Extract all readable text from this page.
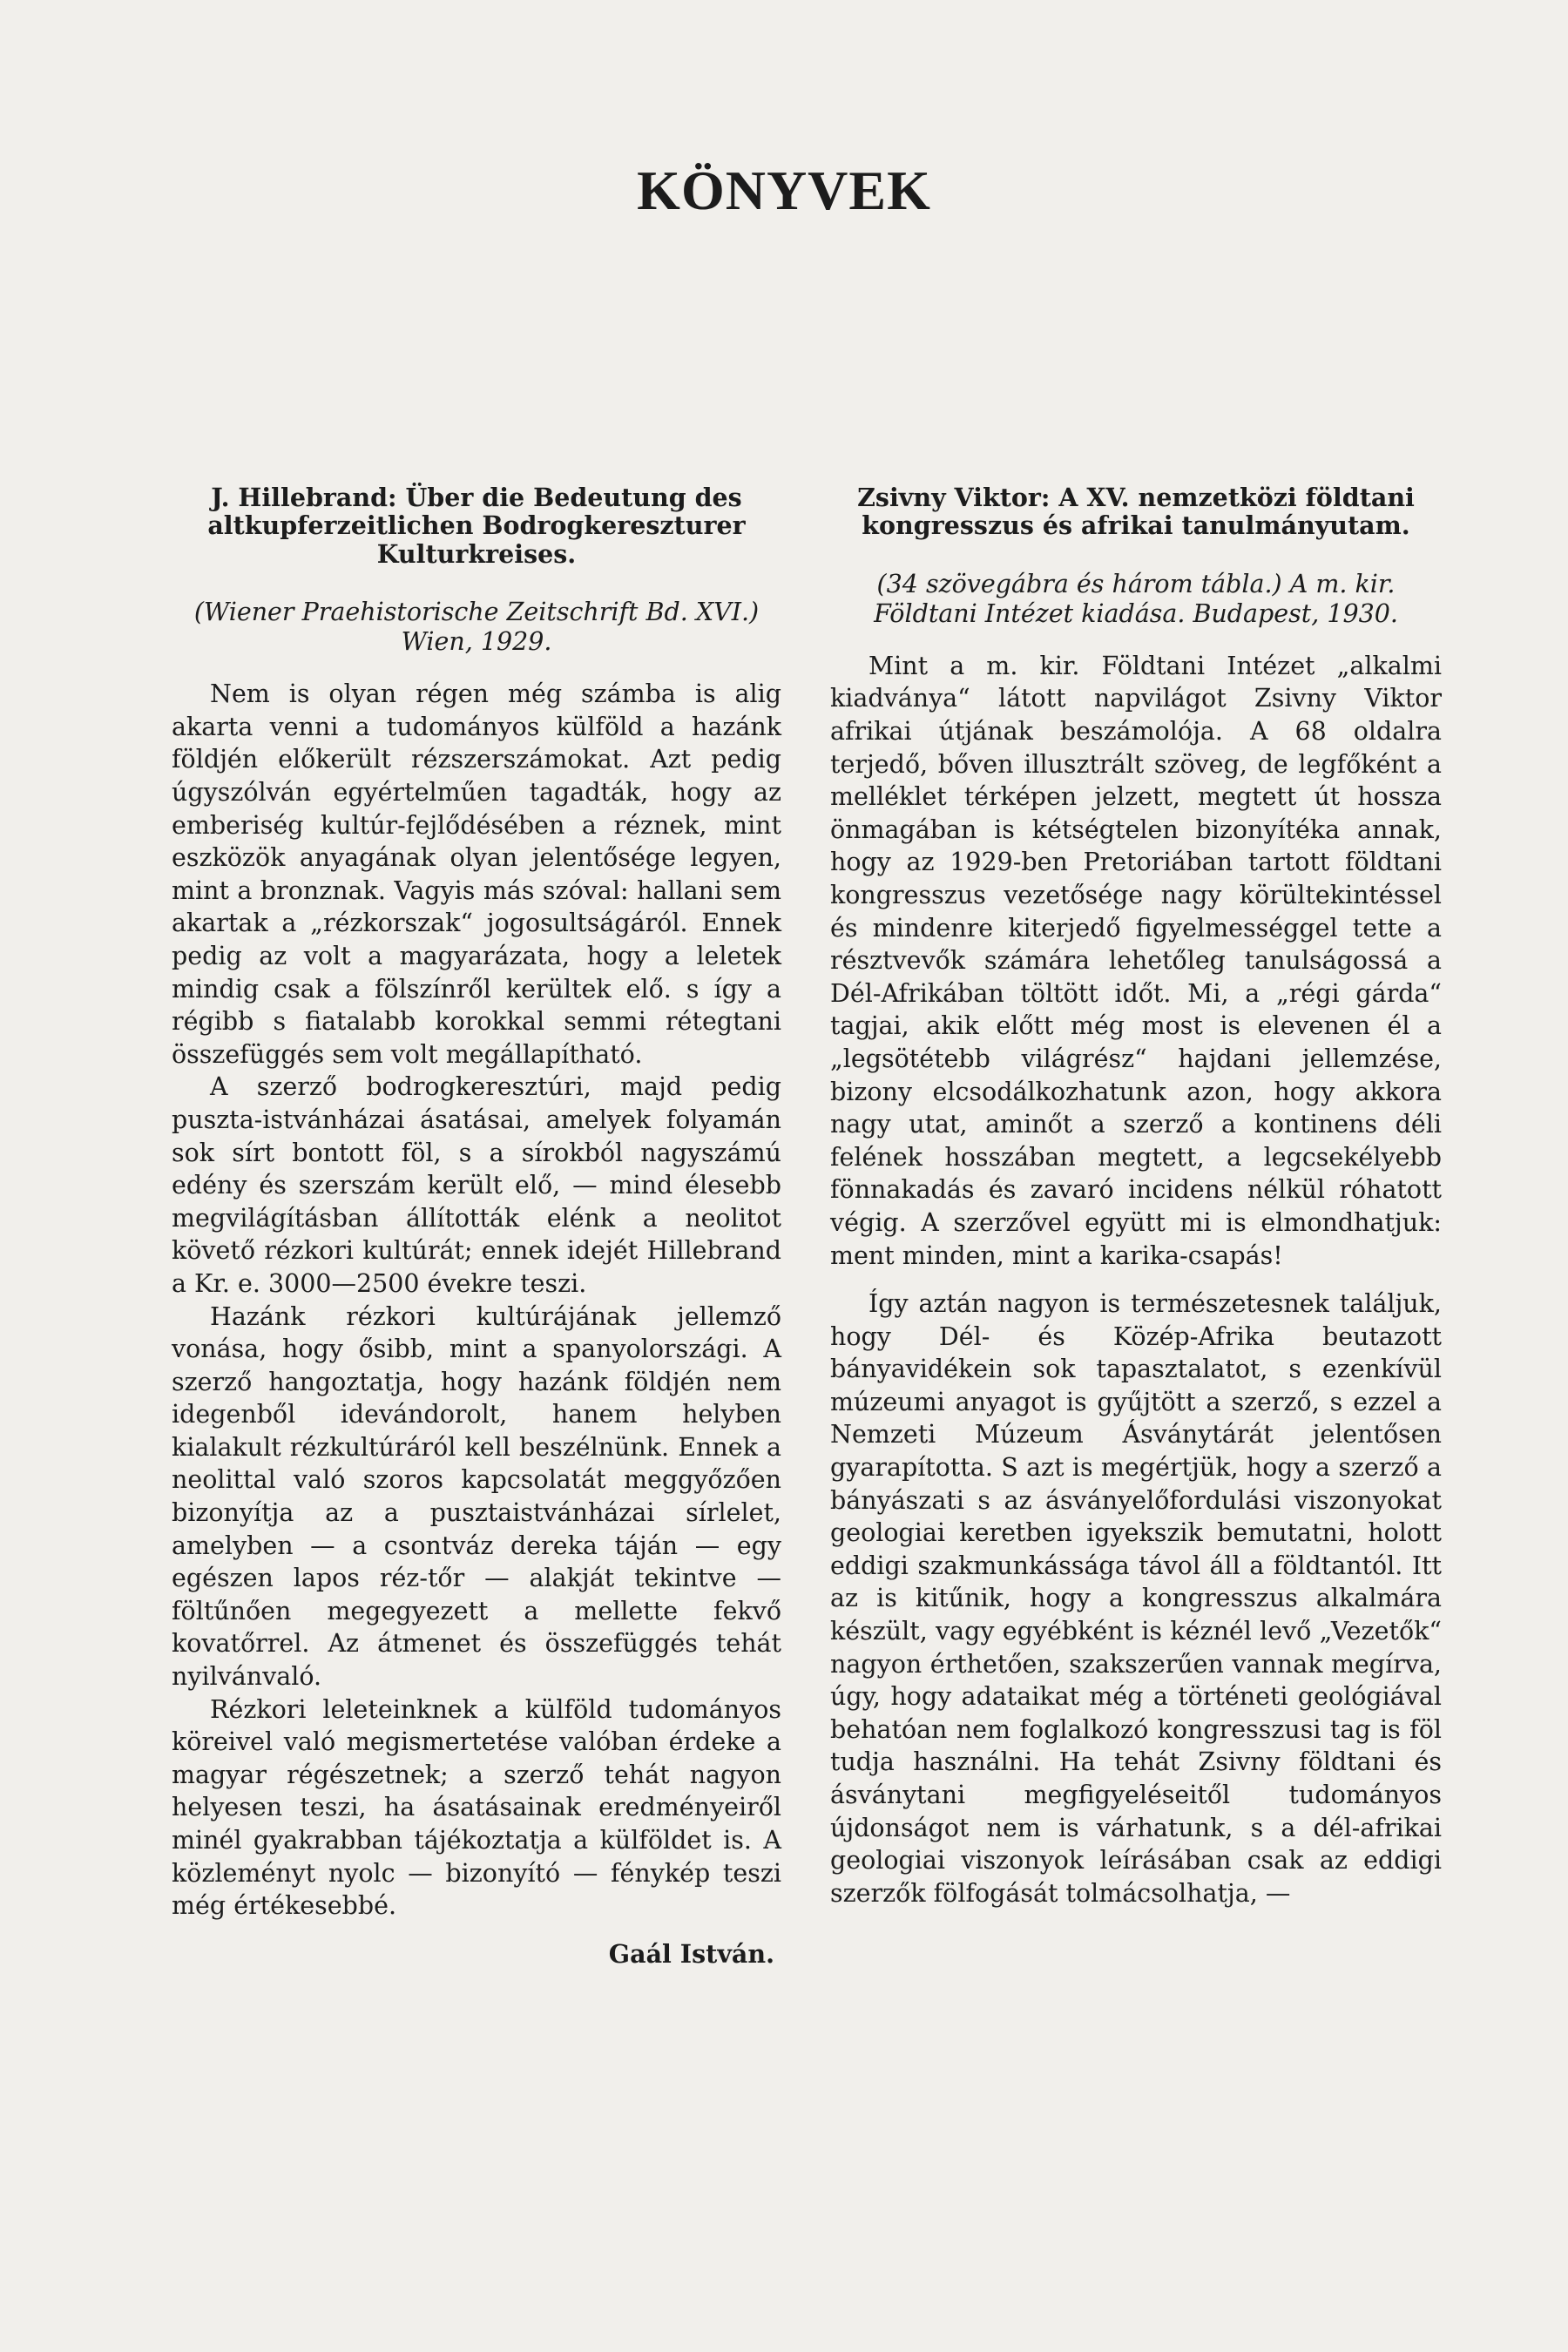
KÖNYVEK
J. Hillebrand: Über die Bedeutung des altkupferzeitlichen Bodrogkereszturer Kulturkreises.
(Wiener Praehistorische Zeitschrift Bd. XVI.) Wien, 1929.

Nem is olyan régen még számba is alig akarta venni a tudományos külföld a hazánk földjén előkerült rézszerszámokat. Azt pedig úgyszólván egyértelműen tagadták, hogy az emberiség kultúr-fejlődésében a réznek, mint eszközök anyagának olyan jelentősége legyen, mint a bronznak. Vagyis más szóval: hallani sem akartak a „rézkorszak“ jogosultságáról. Ennek pedig az volt a magyarázata, hogy a leletek mindig csak a fölszínről kerültek elő. s így a régibb s fiatalabb korokkal semmi rétegtani összefüggés sem volt megállapítható.

A szerző bodrogkeresztúri, majd pedig puszta-istvánházai ásatásai, amelyek folyamán sok sírt bontott föl, s a sírokból nagyszámú edény és szerszám került elő, — mind élesebb megvilágításban állították elénk a neolitot követő rézkori kultúrát; ennek idejét Hillebrand a Kr. e. 3000—2500 évekre teszi.

Hazánk rézkori kultúrájának jellemző vonása, hogy ősibb, mint a spanyolországi. A szerző hangoztatja, hogy hazánk földjén nem idegenből idevándorolt, hanem helyben kialakult rézkultúráról kell beszélnünk. Ennek a neolittal való szoros kapcsolatát meggyőzően bizonyítja az a pusztaistvánházai sírlelet, amelyben — a csontváz dereka táján — egy egészen lapos réz-tőr — alakját tekintve — föltűnően megegyezett a mellette fekvő kovatőrrel. Az átmenet és összefüggés tehát nyilvánvaló.

Rézkori leleteinknek a külföld tudományos köreivel való megismertetése valóban érdeke a magyar régészetnek; a szerző tehát nagyon helyesen teszi, ha ásatásainak eredményeiről minél gyakrabban tájékoztatja a külföldet is. A közleményt nyolc — bizonyító — fénykép teszi még értékesebbé.

Gaál István.
Zsivny Viktor: A XV. nemzetközi földtani kongresszus és afrikai tanulmányutam.
(34 szövegábra és három tábla.) A m. kir. Földtani Intézet kiadása. Budapest, 1930.

Mint a m. kir. Földtani Intézet „alkalmi kiadványa“ látott napvilágot Zsivny Viktor afrikai útjának beszámolója. A 68 oldalra terjedő, bőven illusztrált szöveg, de legfőként a melléklet térképen jelzett, megtett út hossza önmagában is kétségtelen bizonyítéka annak, hogy az 1929-ben Pretoriában tartott földtani kongresszus vezetősége nagy körültekintéssel és mindenre kiterjedő figyelmességgel tette a résztvevők számára lehetőleg tanulságossá a Dél-Afrikában töltött időt. Mi, a „régi gárda“ tagjai, akik előtt még most is elevenen él a „legsötétebb világrész“ hajdani jellemzése, bizony elcsodálkozhatunk azon, hogy akkora nagy utat, aminőt a szerző a kontinens déli felének hosszában megtett, a legcsekélyebb fönnakadás és zavaró incidens nélkül róhatott végig. A szerzővel együtt mi is elmondhatjuk: ment minden, mint a karika-csapás!

Így aztán nagyon is természetesnek találjuk, hogy Dél- és Közép-Afrika beutazott bányavidékein sok tapasztalatot, s ezenkívül múzeumi anyagot is gyűjtött a szerző, s ezzel a Nemzeti Múzeum Ásványtárát jelentősen gyarapította. S azt is megértjük, hogy a szerző a bányászati s az ásványelőfordulási viszonyokat geologiai keretben igyekszik bemutatni, holott eddigi szakmunkássága távol áll a földtantól. Itt az is kitűnik, hogy a kongresszus alkalmára készült, vagy egyébként is kéznél levő „Vezetők“ nagyon érthetően, szakszerűen vannak megírva, úgy, hogy adataikat még a történeti geológiával behatóan nem foglalkozó kongresszusi tag is föl tudja használni. Ha tehát Zsivny földtani és ásványtani megfigyeléseitől tudományos újdonságot nem is várhatunk, s a dél-afrikai geologiai viszonyok leírásában csak az eddigi szerzők fölfogását tolmácsolhatja, —
